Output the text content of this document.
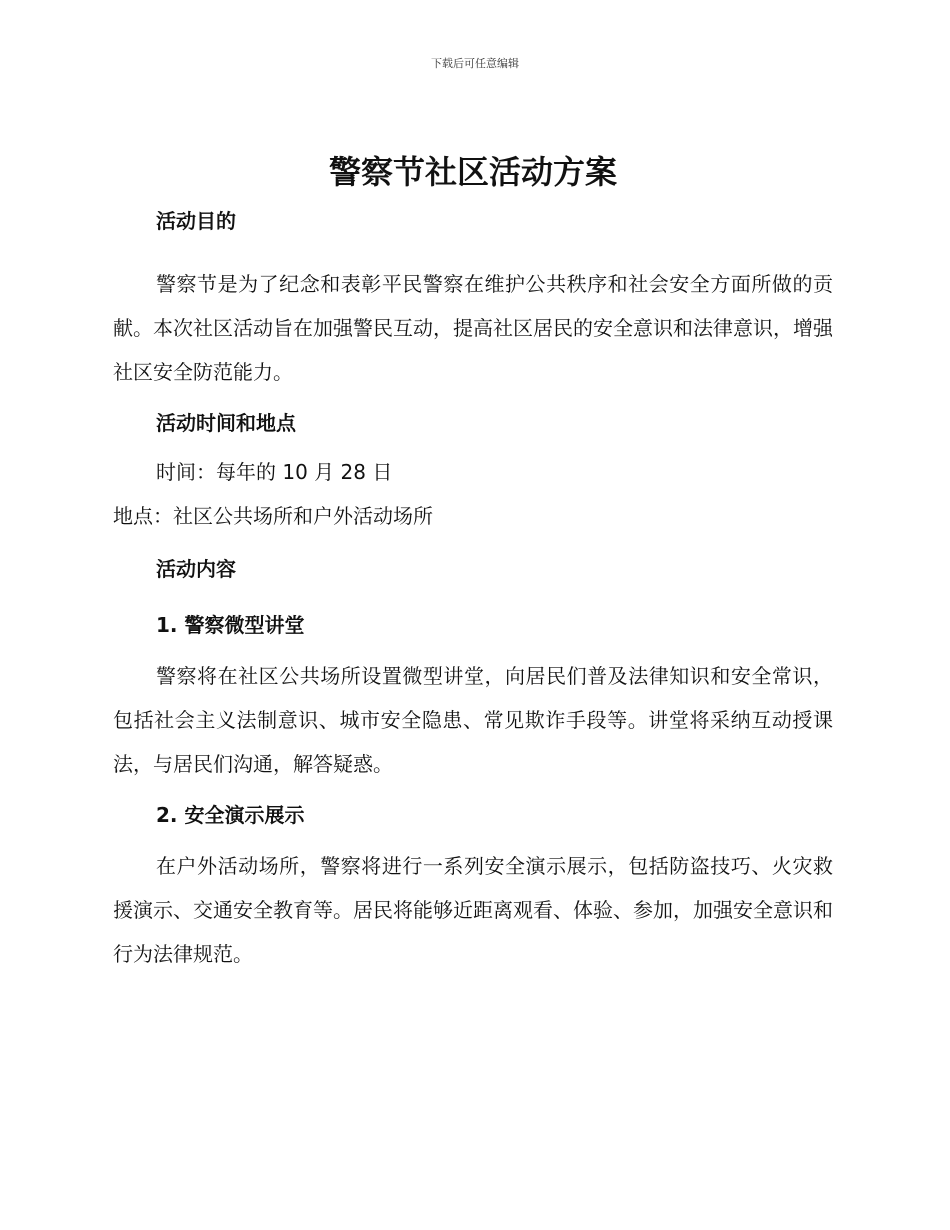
下载后可任意编辑
警察节社区活动方案
活动目的

警察节是为了纪念和表彰平民警察在维护公共秩序和社会安全方面所做的贡献。本次社区活动旨在加强警民互动，提高社区居民的安全意识和法律意识，增强社区安全防范能力。

活动时间和地点

时间：每年的 10 月 28 日

地点：社区公共场所和户外活动场所

活动内容
1. 警察微型讲堂

警察将在社区公共场所设置微型讲堂，向居民们普及法律知识和安全常识，包括社会主义法制意识、城市安全隐患、常见欺诈手段等。讲堂将采纳互动授课法，与居民们沟通，解答疑惑。

2. 安全演示展示

在户外活动场所，警察将进行一系列安全演示展示，包括防盗技巧、火灾救援演示、交通安全教育等。居民将能够近距离观看、体验、参加，加强安全意识和行为法律规范。
